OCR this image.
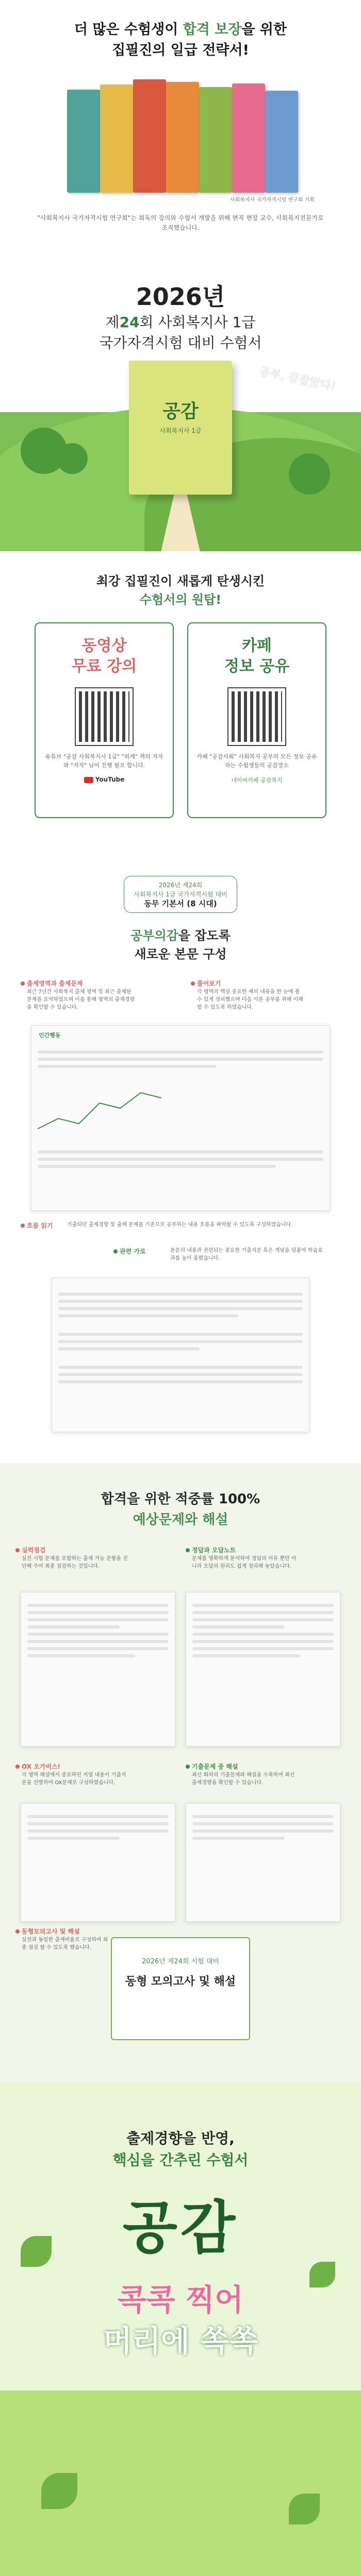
더 많은 수험생이 합격 보장을 위한
집필진의 일급 전략서!
사회복지사 국가자격시험 연구회 기획
"사회복지사 국가자격시험 연구회"는 회독의 강의와 수험서 개발을 위해 현직 현장 교수, 사회복지전문가로 조직했습니다.
2026년
제24회 사회복지사 1급
국가자격시험 대비 수험서
공감
사회복지사 1급
공부, 감잡았다!
최강 집필진이 새롭게 탄생시킨
수험서의 원탑!
동영상
무료 강의
유튜브 "공감 사회복지사 1급" "위계" 책의 저자와 "저자" 님이 진행 필요 합니다.
YouTube
카페
정보 공유
카페 "공감사회" 사회복지 공부의 모든 정보 공유하는 수험생들의 공감장소
네이버카페 공감복지
2026년 제24회
사회복지사 1급 국가자격시험 대비
동무 기본서 (8 시대)
공부의감을 잡도록
새로운 본문 구성
출제영역과 출제문제
최근 7년간 사회복지 출제 영역 및 최근 출제된 문제를 요약하였으며 이를 통해 영역의 출제경향을 확인할 수 있습니다.
풀어보기
각 영역의 핵심 중요한 제의 내용을 한 눈에 볼 수 있게 정리했으며 다음 이론 공부를 위해 이해할 수 있도록 하였습니다.
인간행동
흐름 읽기	기출되던 출제경향 및 출제 문제를 기준으로 공부하는 내용 흐름을 파악할 수 있도록 구성하였습니다.
관련 가로	본문의 내용과 관련되는 중요한 기출지문 혹은 개념을 덧붙여 학습효과를 높이 올렸습니다.
합격을 위한 적중률 100%
예상문제와 해설
실력점검
실전 시험 문제를 포함하는 출제 가능 문항을 진단해 주어 최종 점검하는 것입니다.
정답과 오답노트
문제를 명확하게 분석하여 정답의 이유 뿐만 아니라 오답의 원리도 쉽게 정리해 놓았습니다.
OX 오가비스!
각 영역 해설에서 중요하던 지엽 내용이 기출지문을 선별하여 OX문제로 구성하였습니다.
기출문제 중 해설
최신 회차의 기출문제와 해설을 수록하여 최신 출제경향을 확인할 수 있습니다.
동형모의고사 및 해설
실전과 동일한 출제비율로 구성하여 최종 점검 할 수 있도록 했습니다.
2026년 제24회 시험 대비
동형 모의고사 및 해설
출제경향을 반영,
핵심을 간추린 수험서
공감
콕콕 찍어
머리에 쏙쏙
